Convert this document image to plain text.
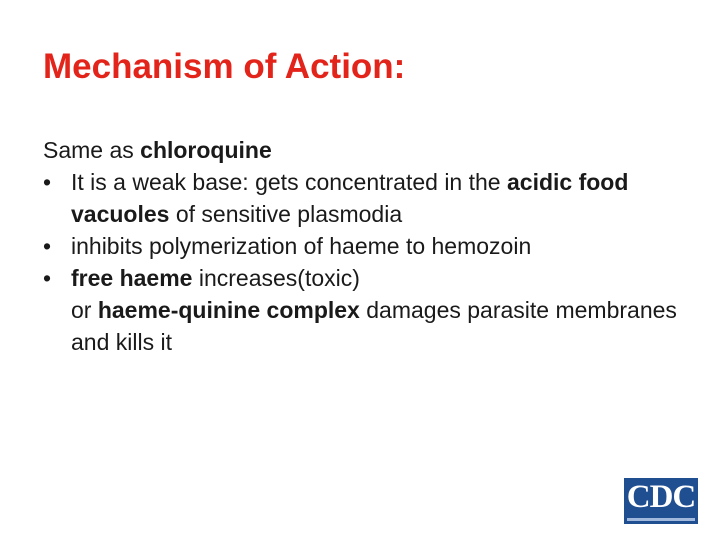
Mechanism of Action:
Same as chloroquine
• It is a weak base: gets concentrated in the acidic food vacuoles of sensitive plasmodia
• inhibits polymerization of haeme to hemozoin
• free haeme increases(toxic)
or haeme-quinine complex damages parasite membranes and kills it
CDC
